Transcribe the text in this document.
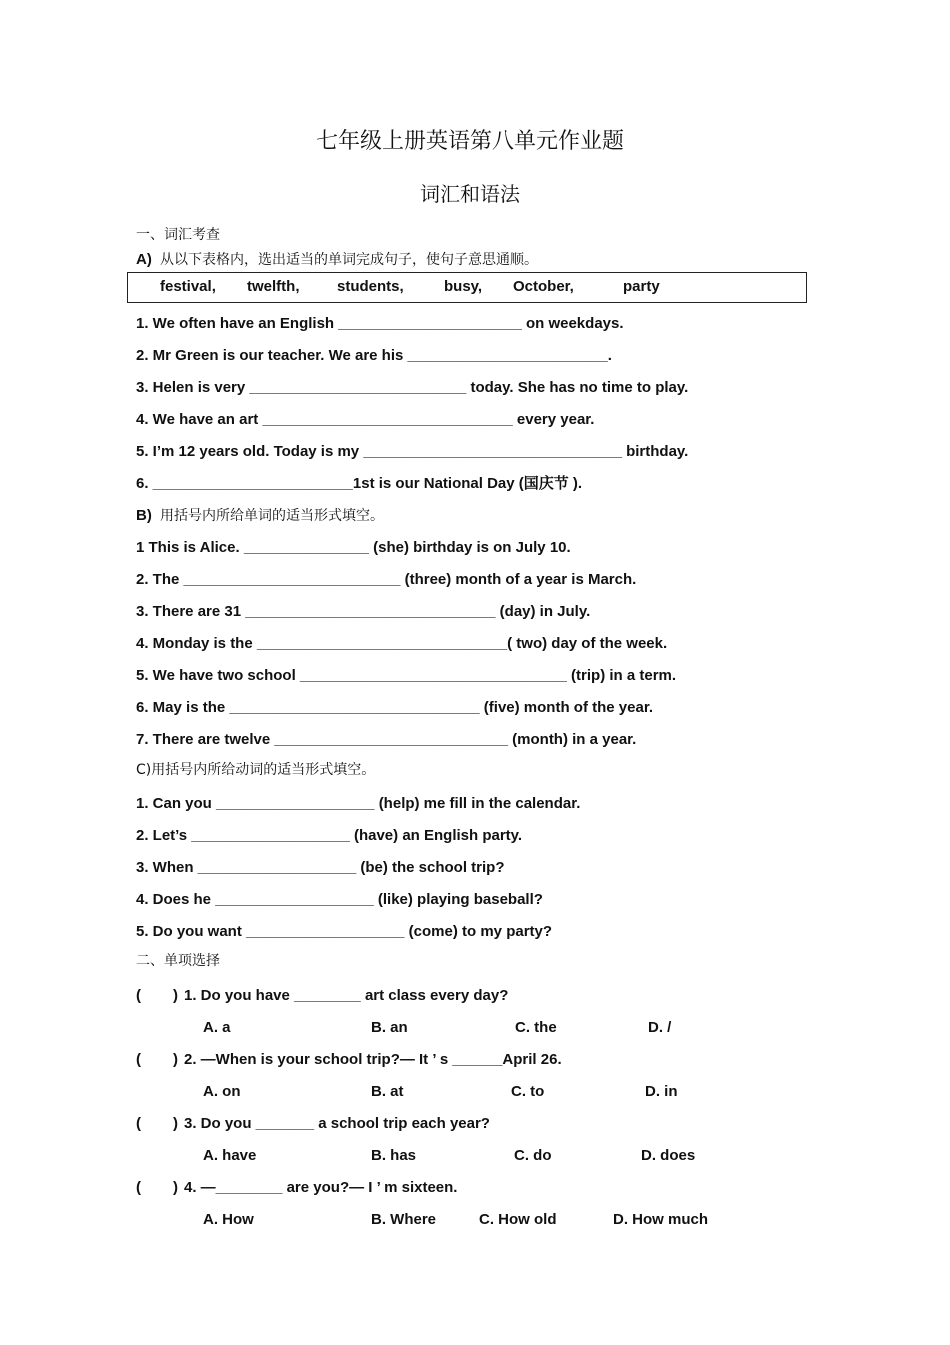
七年级上册英语第八单元作业题
词汇和语法
一、词汇考查
A) 从以下表格内，选出适当的单词完成句子，使句子意思通顺。
festival, twelfth,	students,	busy, October,	party
1. We often have an English ______________________ on weekdays.
2. Mr Green is our teacher. We are his ________________________.
3. Helen is very __________________________ today. She has no time to play.
4. We have an art ______________________________ every year.
5. I’m 12 years old. Today is my _______________________________ birthday.
6. ________________________1st is our National Day (国庆节 ).
B) 用括号内所给单词的适当形式填空。
1 This is Alice. _______________ (she) birthday is on July 10.
2. The __________________________ (three) month of a year is March.
3. There are 31 ______________________________ (day) in July.
4. Monday is the ______________________________( two) day of the week.
5. We have two school ________________________________ (trip) in a term.
6. May is the ______________________________ (five) month of the year.
7. There are twelve ____________________________ (month) in a year.
C)用括号内所给动词的适当形式填空。
1. Can you ___________________ (help) me fill in the calendar.
2. Let’s ___________________ (have) an English party.
3. When ___________________ (be) the school trip?
4. Does he ___________________ (like) playing baseball?
5. Do you want ___________________ (come) to my party?
二、单项选择
( ) 1. Do you have ________ art class every day?
A. a	B. an	C. the	D. /
( ) 2. —When is your school trip?— It ’ s ______April 26.
A. on	B. at	C. to	D. in
( ) 3. Do you _______ a school trip each year?
A. have	B. has	C. do	D. does
( ) 4. —________ are you?— I ’ m sixteen.
A. How	B. Where	C. How old	D. How much
